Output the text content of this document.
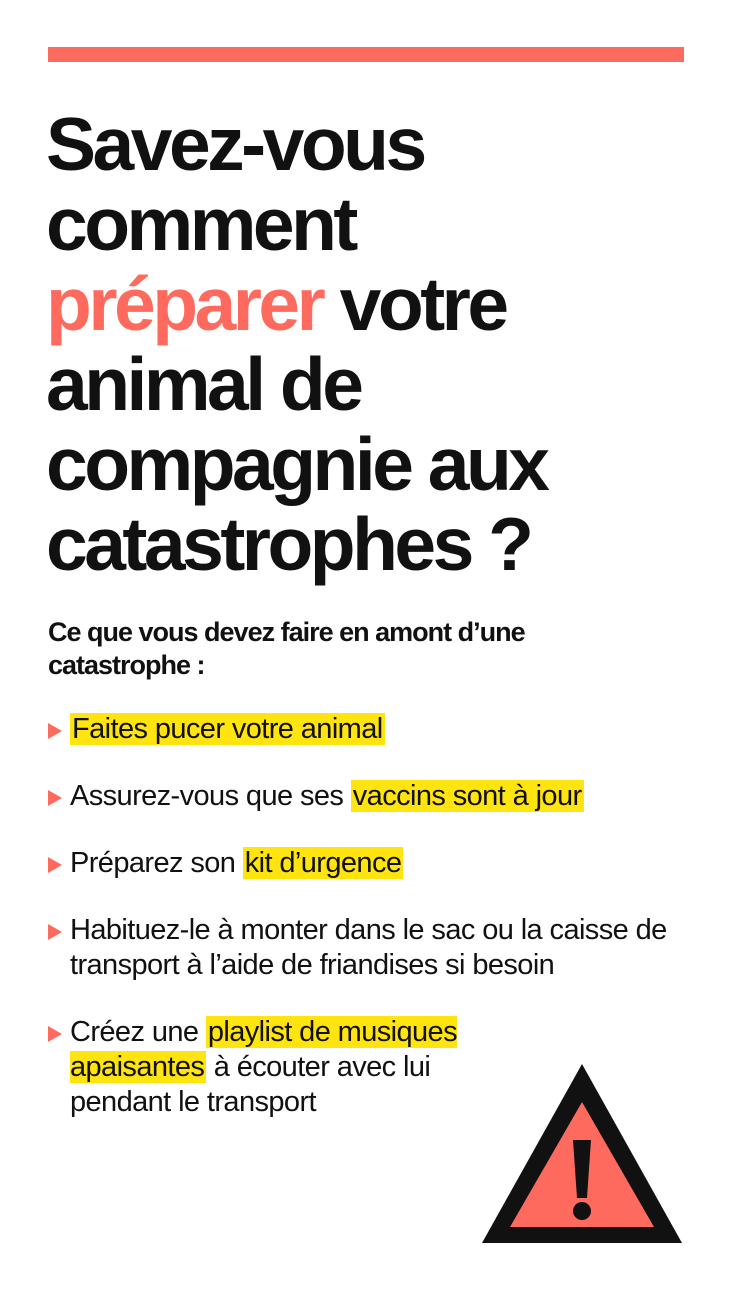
Savez-vous
comment
préparer votre
animal de
compagnie aux
catastrophes ?

Ce que vous devez faire en amont d’une catastrophe :

Faites pucer votre animal
Assurez-vous que ses vaccins sont à jour
Préparez son kit d’urgence
Habituez-le à monter dans le sac ou la caisse de transport à l’aide de friandises si besoin
Créez une playlist de musiques apaisantes à écouter avec lui pendant le transport
